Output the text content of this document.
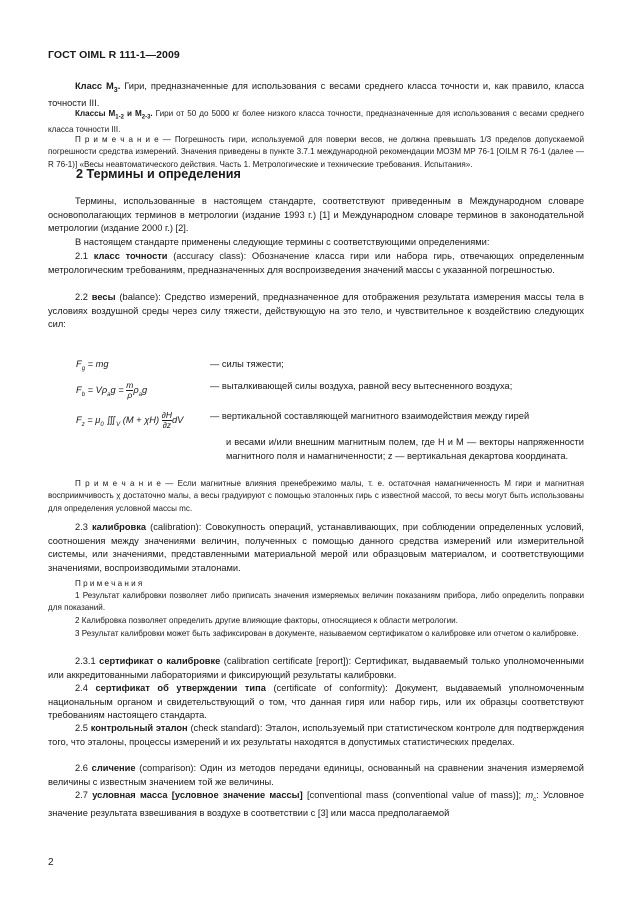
ГОСТ OIML R 111-1—2009
Класс $M_3$. Гири, предназначенные для использования с весами среднего класса точности и, как правило, класса точности III.
Классы $M_{1-2}$ и $M_{2-3}$. Гири от 50 до 5000 кг более низкого класса точности, предназначенные для использования с весами среднего класса точности III.
П р и м е ч а н и е — Погрешность гири, используемой для поверки весов, не должна превышать 1/3 пределов допускаемой погрешности средства измерений. Значения приведены в пункте 3.7.1 международной рекомендации МОЗМ МР 76-1 [OILM R 76-1 (далее — R 76-1)] «Весы неавтоматического действия. Часть 1. Метрологические и технические требования. Испытания».
2 Термины и определения
Термины, использованные в настоящем стандарте, соответствуют приведенным в Международном словаре основополагающих терминов в метрологии (издание 1993 г.) [1] и Международном словаре терминов в законодательной метрологии (издание 2000 г.) [2].
В настоящем стандарте применены следующие термины с соответствующими определениями:
2.1 класс точности (accuracy class): Обозначение класса гири или набора гирь, отвечающих определенным метрологическим требованиям, предназначенных для воспроизведения значений массы с указанной погрешностью.
2.2 весы (balance): Средство измерений, предназначенное для отображения результата измерения массы тела в условиях воздушной среды через силу тяжести, действующую на это тело, и чувствительное к воздействию следующих сил:
$F_g$ = mg	— силы тяжести;
$F_b = V\rho_ag = \frac{m}{\rho} \rho_ag$	— выталкивающей силы воздуха, равной весу вытесненного воздуха;
$F_z = \mu_0$ $∭_V$ $(M + \chi H) \frac{\partial H}{\partial z}$ dV	— вертикальной составляющей магнитного взаимодействия между гирей
и весами и/или внешним магнитным полем, где H и M — векторы напряженности магнитного поля и намагниченности; z — вертикальная декартова координата.
П р и м е ч а н и е — Если магнитные влияния пренебрежимо малы, т. е. остаточная намагниченность M гири и магнитная восприимчивость χ достаточно малы, а весы градуируют с помощью эталонных гирь с известной массой, то весы могут быть использованы для определения условной массы mc.
2.3 калибровка (calibration): Совокупность операций, устанавливающих, при соблюдении определенных условий, соотношения между значениями величин, полученных с помощью данного средства измерений или измерительной системы, или значениями, представленными материальной мерой или образцовым материалом, и соответствующими значениями, воспроизводимыми эталонами.
П р и м е ч а н и я
1 Результат калибровки позволяет либо приписать значения измеряемых величин показаниям прибора, либо определить поправки для показаний.
2 Калибровка позволяет определить другие влияющие факторы, относящиеся к области метрологии.
3 Результат калибровки может быть зафиксирован в документе, называемом сертификатом о калибровке или отчетом о калибровке.
2.3.1 сертификат о калибровке (calibration certificate [report]): Сертификат, выдаваемый только уполномоченными или аккредитованными лабораториями и фиксирующий результаты калибровки.
2.4 сертификат об утверждении типа (certificate of conformity): Документ, выдаваемый уполномоченным национальным органом и свидетельствующий о том, что данная гиря или набор гирь, или их образцы соответствуют требованиям настоящего стандарта.
2.5 контрольный эталон (check standard): Эталон, используемый при статистическом контроле для подтверждения того, что эталоны, процессы измерений и их результаты находятся в допустимых статистических пределах.
2.6 сличение (comparison): Один из методов передачи единицы, основанный на сравнении значения измеряемой величины с известным значением той же величины.
2.7 условная масса [условное значение массы] [conventional mass (conventional value of mass)]; $m_c$: Условное значение результата взвешивания в воздухе в соответствии с [3] или масса предполагаемой
2
